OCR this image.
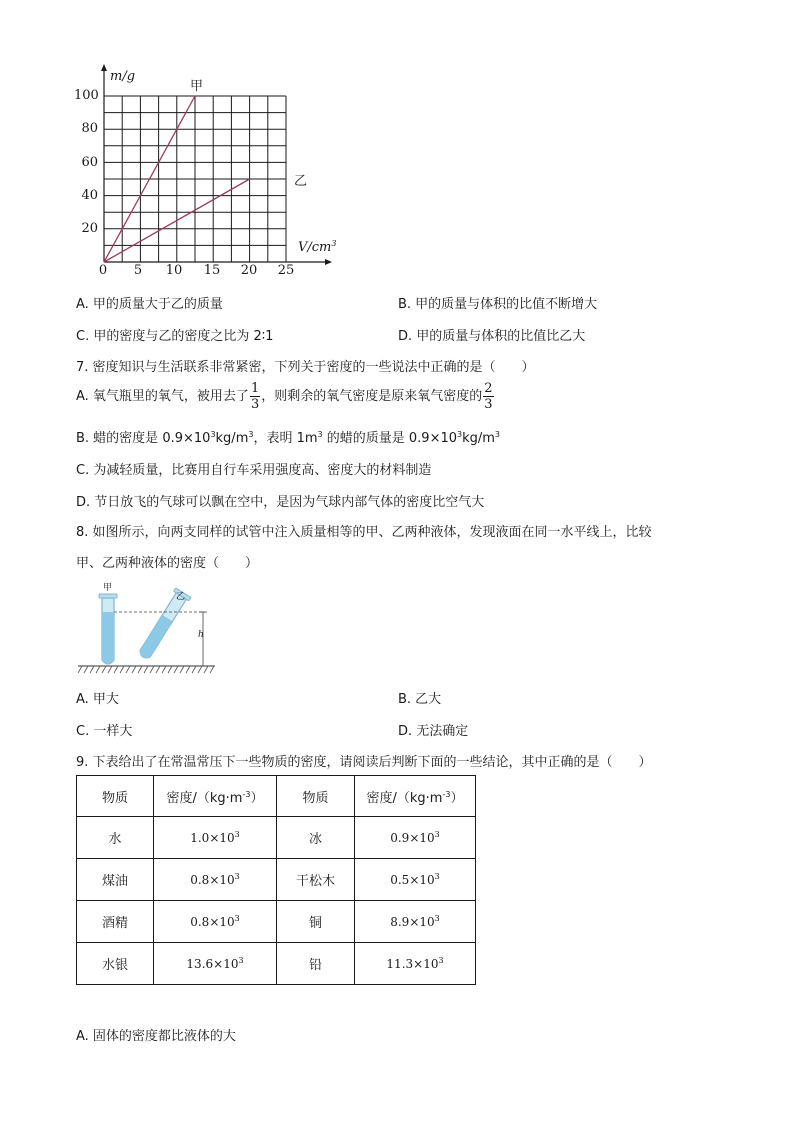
m/g
$V/cm^3$
甲
乙
100
80
60
40
20
0 5 10 15 20 25
A. 甲的质量大于乙的质量	B. 甲的质量与体积的比值不断增大
C. 甲的密度与乙的密度之比为 2∶1	D. 甲的质量与体积的比值比乙大
7. 密度知识与生活联系非常紧密，下列关于密度的一些说法中正确的是（　　）
A. 氧气瓶里的氧气，被用去了 $\frac{1}{3}$ ，则剩余的氧气密度是原来氧气密度的 $\frac{2}{3}$
B. 蜡的密度是 $0.9\times 10^3kg/m^3$，表明 $1m^3$ 的蜡的质量是 $0.9\times 10^3kg/m^3$
C. 为减轻质量，比赛用自行车采用强度高、密度大的材料制造
D. 节日放飞的气球可以飘在空中，是因为气球内部气体的密度比空气大
8. 如图所示，向两支同样的试管中注入质量相等的甲、乙两种液体，发现液面在同一水平线上，比较
甲、乙两种液体的密度（　　）
甲
乙
h
A. 甲大	B. 乙大
C. 一样大	D. 无法确定
9. 下表给出了在常温常压下一些物质的密度，请阅读后判断下面的一些结论，其中正确的是（　　）
物质	密度$/(kg\cdot m^{-3})$	物质	密度$/(kg\cdot m^{-3})$
水	$1.0\times 10^3$	冰	$0.9\times 10^3$
煤油	$0.8\times 10^3$	干松木	$0.5\times 10^3$
酒精	$0.8\times 10^3$	铜	$8.9\times 10^3$
水银	$13.6\times 10^3$	铅	$11.3\times 10^3$
A. 固体的密度都比液体的大
